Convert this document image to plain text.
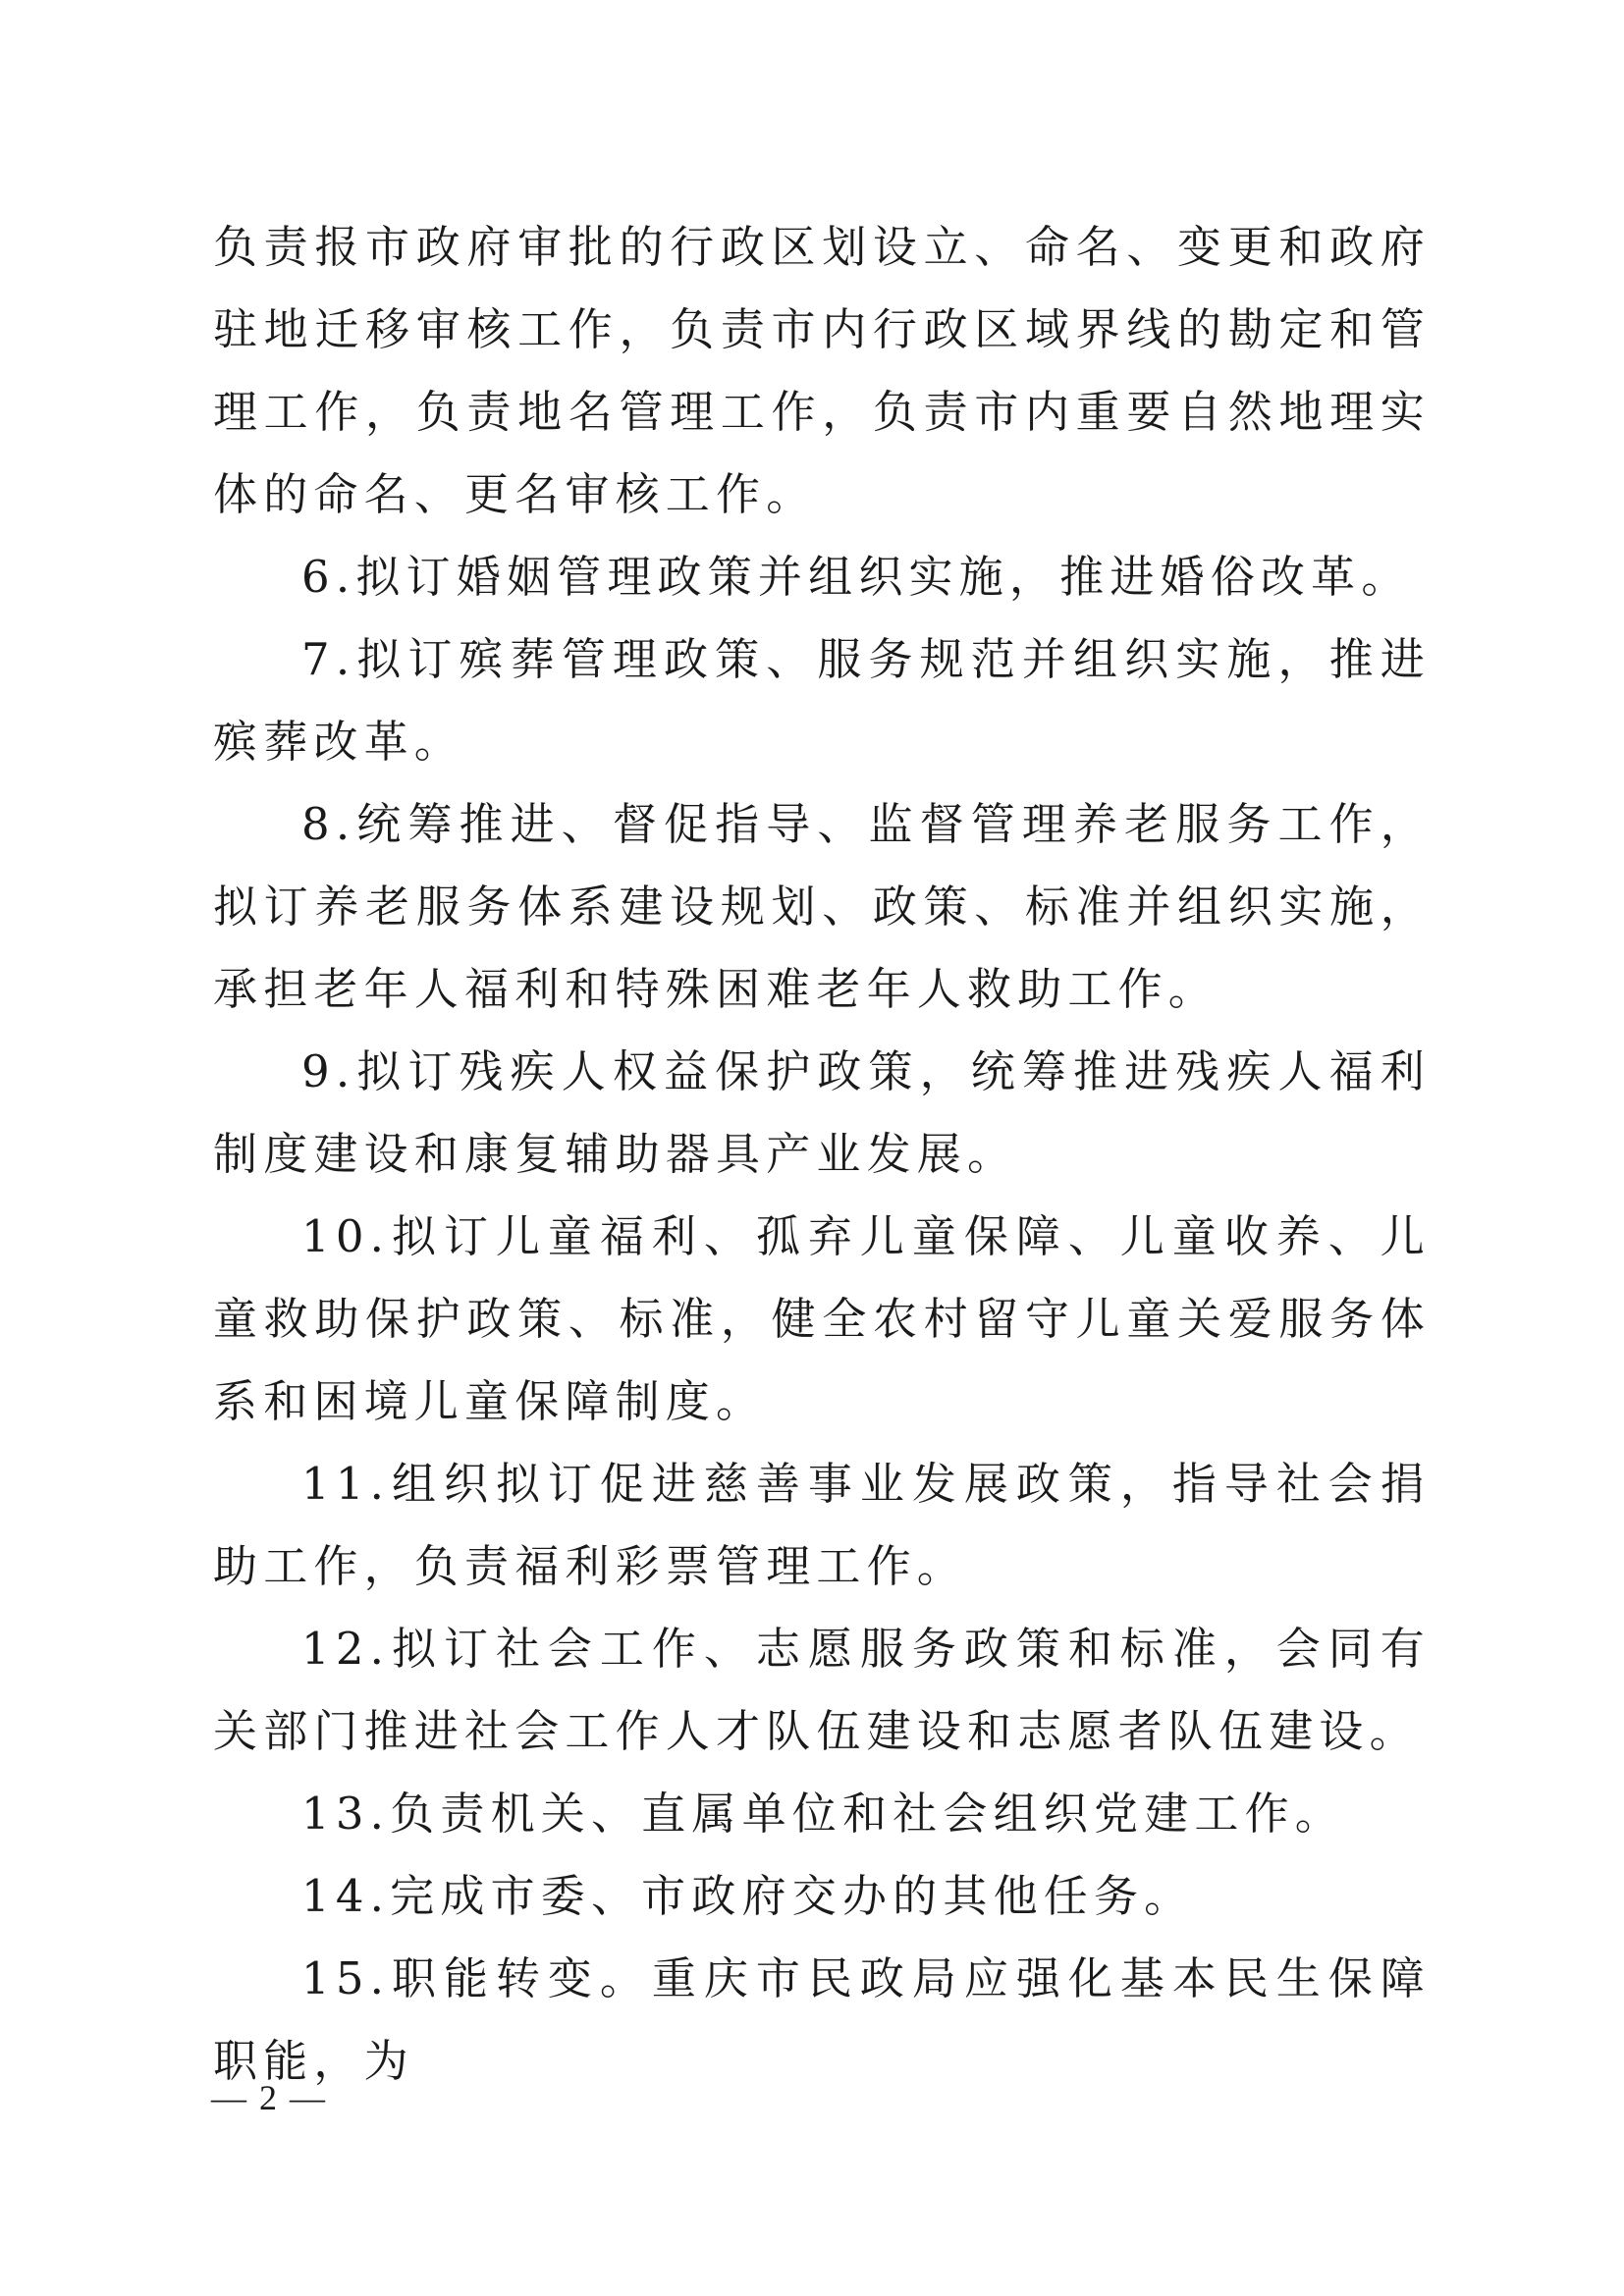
负责报市政府审批的行政区划设立、命名、变更和政府驻地迁移审核工作，负责市内行政区域界线的勘定和管理工作，负责地名管理工作，负责市内重要自然地理实体的命名、更名审核工作。

6.拟订婚姻管理政策并组织实施，推进婚俗改革。

7.拟订殡葬管理政策、服务规范并组织实施，推进殡葬改革。

8.统筹推进、督促指导、监督管理养老服务工作，拟订养老服务体系建设规划、政策、标准并组织实施，承担老年人福利和特殊困难老年人救助工作。

9.拟订残疾人权益保护政策，统筹推进残疾人福利制度建设和康复辅助器具产业发展。

10.拟订儿童福利、孤弃儿童保障、儿童收养、儿童救助保护政策、标准，健全农村留守儿童关爱服务体系和困境儿童保障制度。

11.组织拟订促进慈善事业发展政策，指导社会捐助工作，负责福利彩票管理工作。

12.拟订社会工作、志愿服务政策和标准，会同有关部门推进社会工作人才队伍建设和志愿者队伍建设。

13.负责机关、直属单位和社会组织党建工作。

14.完成市委、市政府交办的其他任务。

15.职能转变。重庆市民政局应强化基本民生保障职能，为

— 2 —
